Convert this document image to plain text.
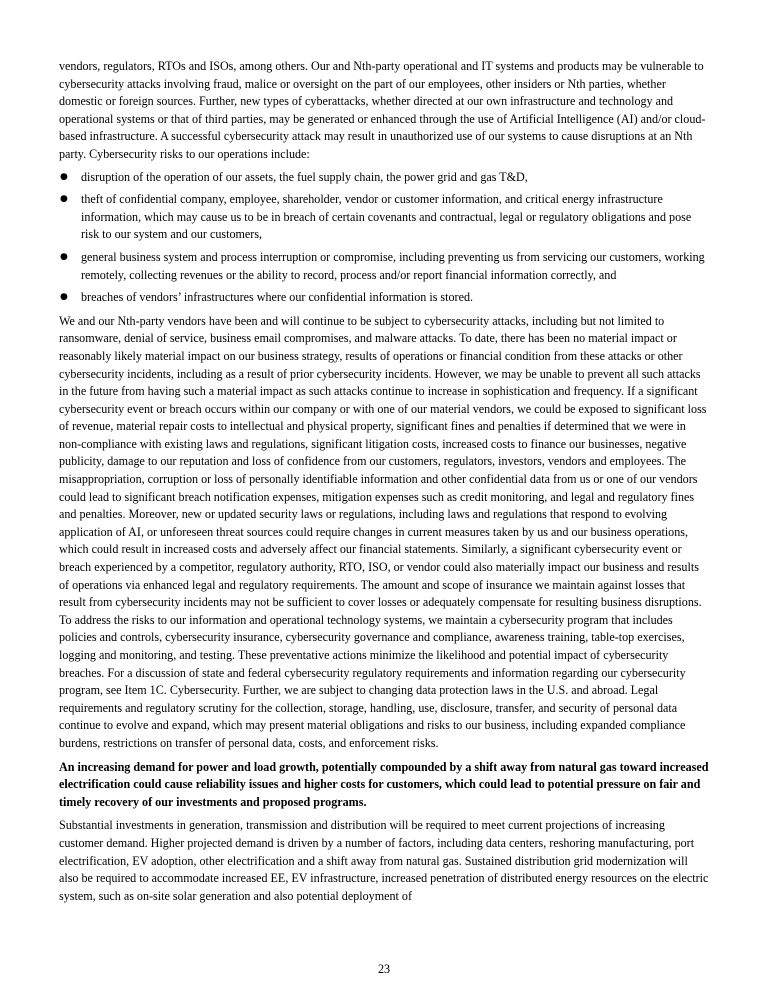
vendors, regulators, RTOs and ISOs, among others. Our and Nth-party operational and IT systems and products may be vulnerable to cybersecurity attacks involving fraud, malice or oversight on the part of our employees, other insiders or Nth parties, whether domestic or foreign sources. Further, new types of cyberattacks, whether directed at our own infrastructure and technology and operational systems or that of third parties, may be generated or enhanced through the use of Artificial Intelligence (AI) and/or cloud-based infrastructure. A successful cybersecurity attack may result in unauthorized use of our systems to cause disruptions at an Nth party. Cybersecurity risks to our operations include:

● disruption of the operation of our assets, the fuel supply chain, the power grid and gas T&D,
● theft of confidential company, employee, shareholder, vendor or customer information, and critical energy infrastructure information, which may cause us to be in breach of certain covenants and contractual, legal or regulatory obligations and pose risk to our system and our customers,
● general business system and process interruption or compromise, including preventing us from servicing our customers, working remotely, collecting revenues or the ability to record, process and/or report financial information correctly, and
● breaches of vendors’ infrastructures where our confidential information is stored.

We and our Nth-party vendors have been and will continue to be subject to cybersecurity attacks, including but not limited to ransomware, denial of service, business email compromises, and malware attacks. To date, there has been no material impact or reasonably likely material impact on our business strategy, results of operations or financial condition from these attacks or other cybersecurity incidents, including as a result of prior cybersecurity incidents. However, we may be unable to prevent all such attacks in the future from having such a material impact as such attacks continue to increase in sophistication and frequency. If a significant cybersecurity event or breach occurs within our company or with one of our material vendors, we could be exposed to significant loss of revenue, material repair costs to intellectual and physical property, significant fines and penalties if determined that we were in non-compliance with existing laws and regulations, significant litigation costs, increased costs to finance our businesses, negative publicity, damage to our reputation and loss of confidence from our customers, regulators, investors, vendors and employees. The misappropriation, corruption or loss of personally identifiable information and other confidential data from us or one of our vendors could lead to significant breach notification expenses, mitigation expenses such as credit monitoring, and legal and regulatory fines and penalties. Moreover, new or updated security laws or regulations, including laws and regulations that respond to evolving application of AI, or unforeseen threat sources could require changes in current measures taken by us and our business operations, which could result in increased costs and adversely affect our financial statements. Similarly, a significant cybersecurity event or breach experienced by a competitor, regulatory authority, RTO, ISO, or vendor could also materially impact our business and results of operations via enhanced legal and regulatory requirements. The amount and scope of insurance we maintain against losses that result from cybersecurity incidents may not be sufficient to cover losses or adequately compensate for resulting business disruptions. To address the risks to our information and operational technology systems, we maintain a cybersecurity program that includes policies and controls, cybersecurity insurance, cybersecurity governance and compliance, awareness training, table-top exercises, logging and monitoring, and testing. These preventative actions minimize the likelihood and potential impact of cybersecurity breaches. For a discussion of state and federal cybersecurity regulatory requirements and information regarding our cybersecurity program, see Item 1C. Cybersecurity. Further, we are subject to changing data protection laws in the U.S. and abroad. Legal requirements and regulatory scrutiny for the collection, storage, handling, use, disclosure, transfer, and security of personal data continue to evolve and expand, which may present material obligations and risks to our business, including expanded compliance burdens, restrictions on transfer of personal data, costs, and enforcement risks.

An increasing demand for power and load growth, potentially compounded by a shift away from natural gas toward increased electrification could cause reliability issues and higher costs for customers, which could lead to potential pressure on fair and timely recovery of our investments and proposed programs.

Substantial investments in generation, transmission and distribution will be required to meet current projections of increasing customer demand. Higher projected demand is driven by a number of factors, including data centers, reshoring manufacturing, port electrification, EV adoption, other electrification and a shift away from natural gas. Sustained distribution grid modernization will also be required to accommodate increased EE, EV infrastructure, increased penetration of distributed energy resources on the electric system, such as on-site solar generation and also potential deployment of

23
